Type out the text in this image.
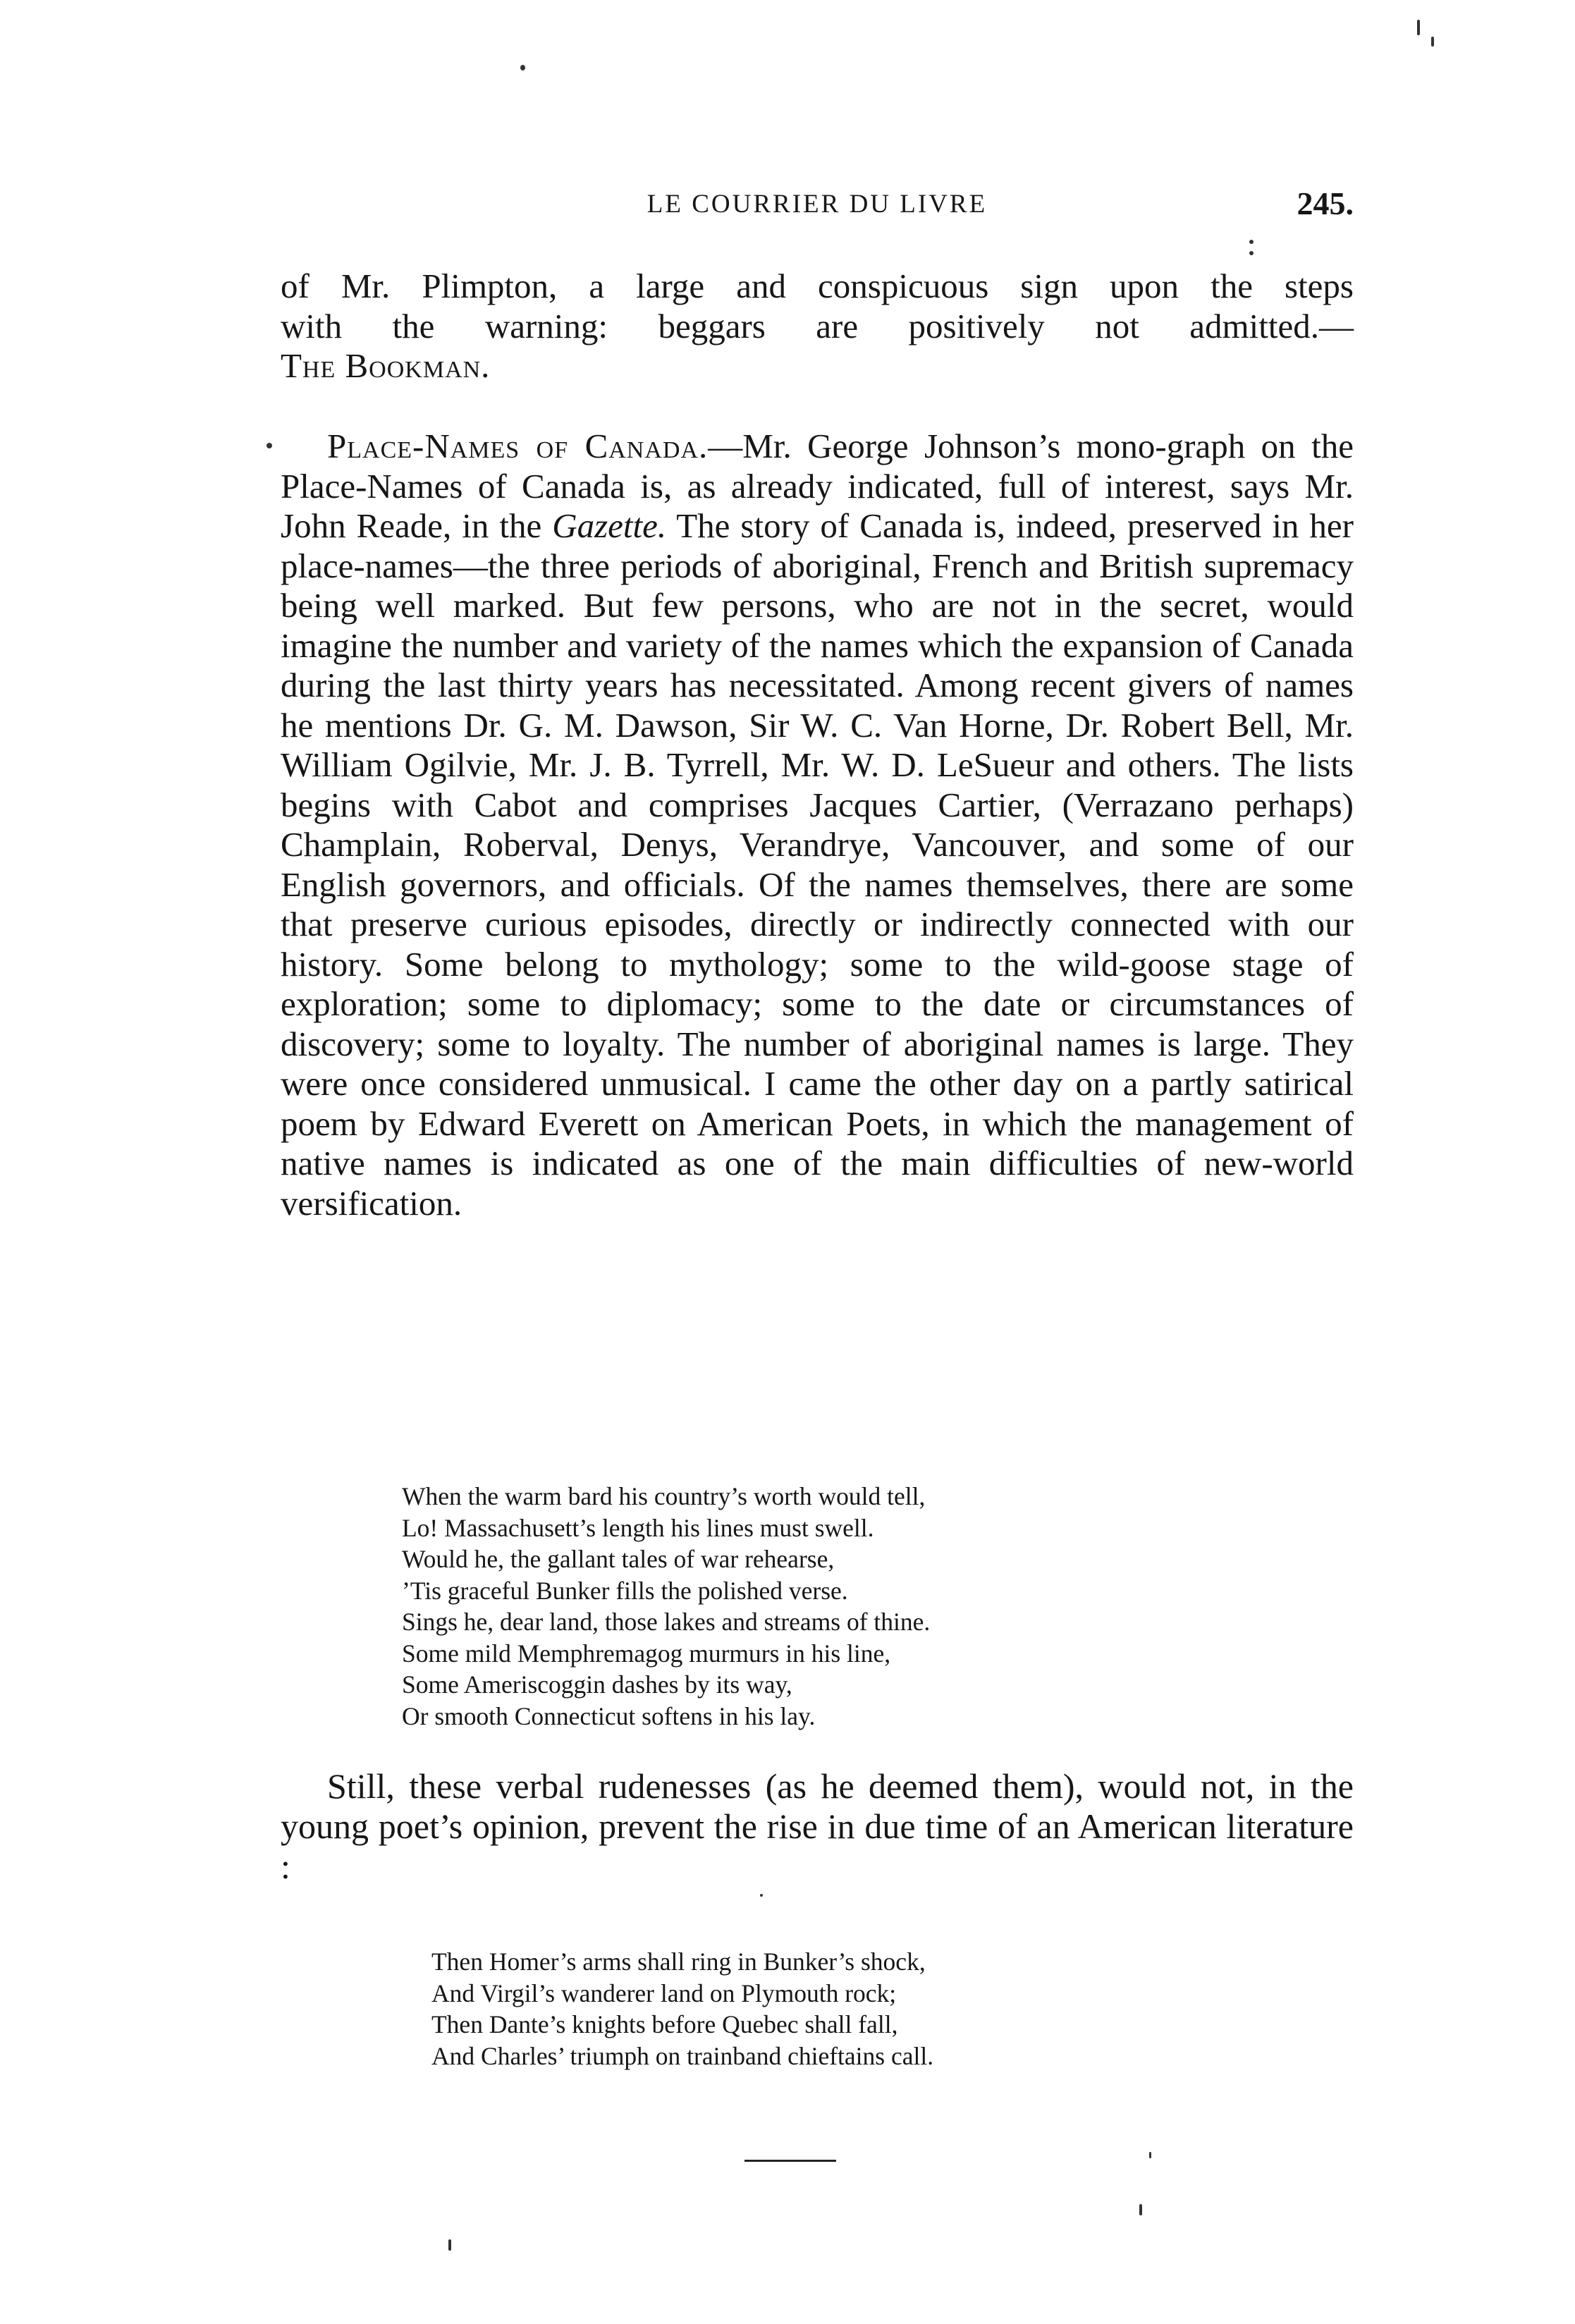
LE COURRIER DU LIVRE	245.

of Mr. Plimpton, a large and conspicuous sign upon the steps

with the warning: beggars are positively not admitted.—

The Bookman.

Place-Names of Canada.—Mr. George Johnson’s mono-graph on the Place-Names of Canada is, as already indicated, full of interest, says Mr. John Reade, in the Gazette. The story of Canada is, indeed, preserved in her place-names—the three periods of aboriginal, French and British supremacy being well marked. But few persons, who are not in the secret, would imagine the number and variety of the names which the expansion of Canada during the last thirty years has necessitated. Among recent givers of names he mentions Dr. G. M. Dawson, Sir W. C. Van Horne, Dr. Robert Bell, Mr. William Ogilvie, Mr. J. B. Tyrrell, Mr. W. D. LeSueur and others. The lists begins with Cabot and comprises Jacques Cartier, (Verrazano perhaps) Champlain, Roberval, Denys, Verandrye, Vancouver, and some of our English governors, and officials. Of the names themselves, there are some that preserve curious episodes, directly or indirectly connected with our history. Some belong to mythology; some to the wild-goose stage of exploration; some to diplomacy; some to the date or circumstances of discovery; some to loyalty. The number of aboriginal names is large. They were once considered unmusical. I came the other day on a partly satirical poem by Edward Everett on American Poets, in which the management of native names is indicated as one of the main difficulties of new-world versification.

When the warm bard his country’s worth would tell,
Lo! Massachusett’s length his lines must swell.
Would he, the gallant tales of war rehearse,
’Tis graceful Bunker fills the polished verse.
Sings he, dear land, those lakes and streams of thine.
Some mild Memphremagog murmurs in his line,
Some Ameriscoggin dashes by its way,
Or smooth Connecticut softens in his lay.

Still, these verbal rudenesses (as he deemed them), would not, in the young poet’s opinion, prevent the rise in due time of an American literature :

Then Homer’s arms shall ring in Bunker’s shock,
And Virgil’s wanderer land on Plymouth rock;
Then Dante’s knights before Quebec shall fall,
And Charles’ triumph on trainband chieftains call.
